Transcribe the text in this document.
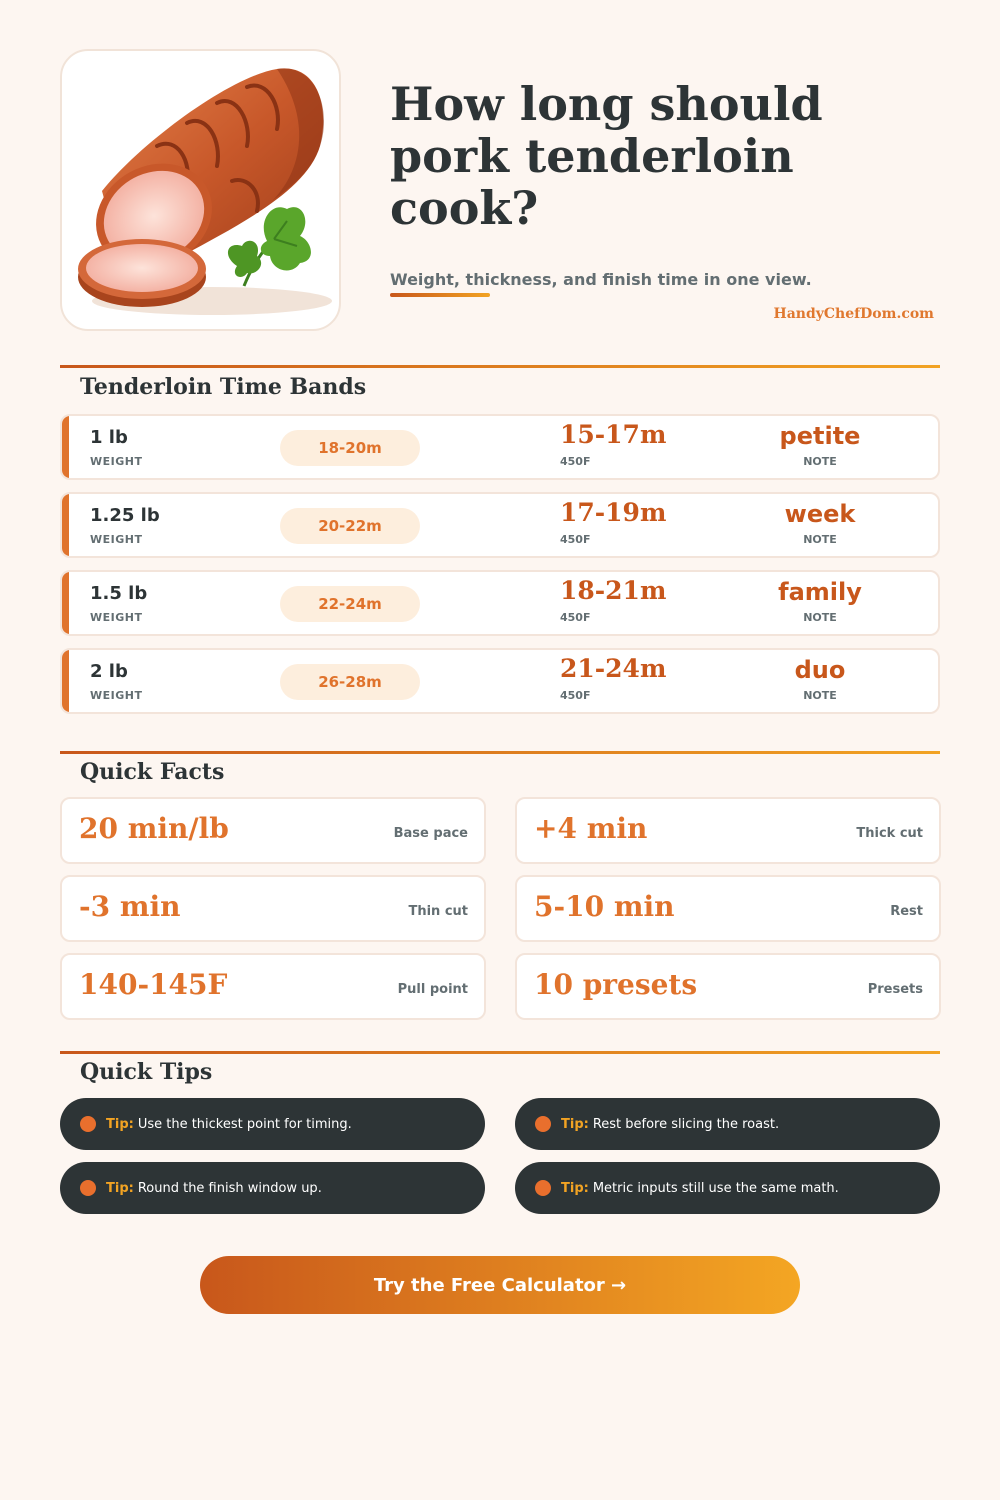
How long should pork tenderloin cook?
Weight, thickness, and finish time in one view.
HandyChefDom.com
Tenderloin Time Bands
1 lb
WEIGHT
18-20m	15-17m
450F
petite
NOTE
1.25 lb
WEIGHT
20-22m	17-19m
450F
week
NOTE
1.5 lb
WEIGHT
22-24m	18-21m
450F
family
NOTE
2 lb
WEIGHT
26-28m	21-24m
450F
duo
NOTE
Quick Facts
20 min/lb	Base pace +4 min	Thick cut
-3 min	Thin cut 5-10 min	Rest
140-145F	Pull point 10 presets	Presets
Quick Tips
Tip: Use the thickest point for timing.	Tip: Rest before slicing the roast.
Tip: Round the finish window up.	Tip: Metric inputs still use the same math.
Try the Free Calculator →
